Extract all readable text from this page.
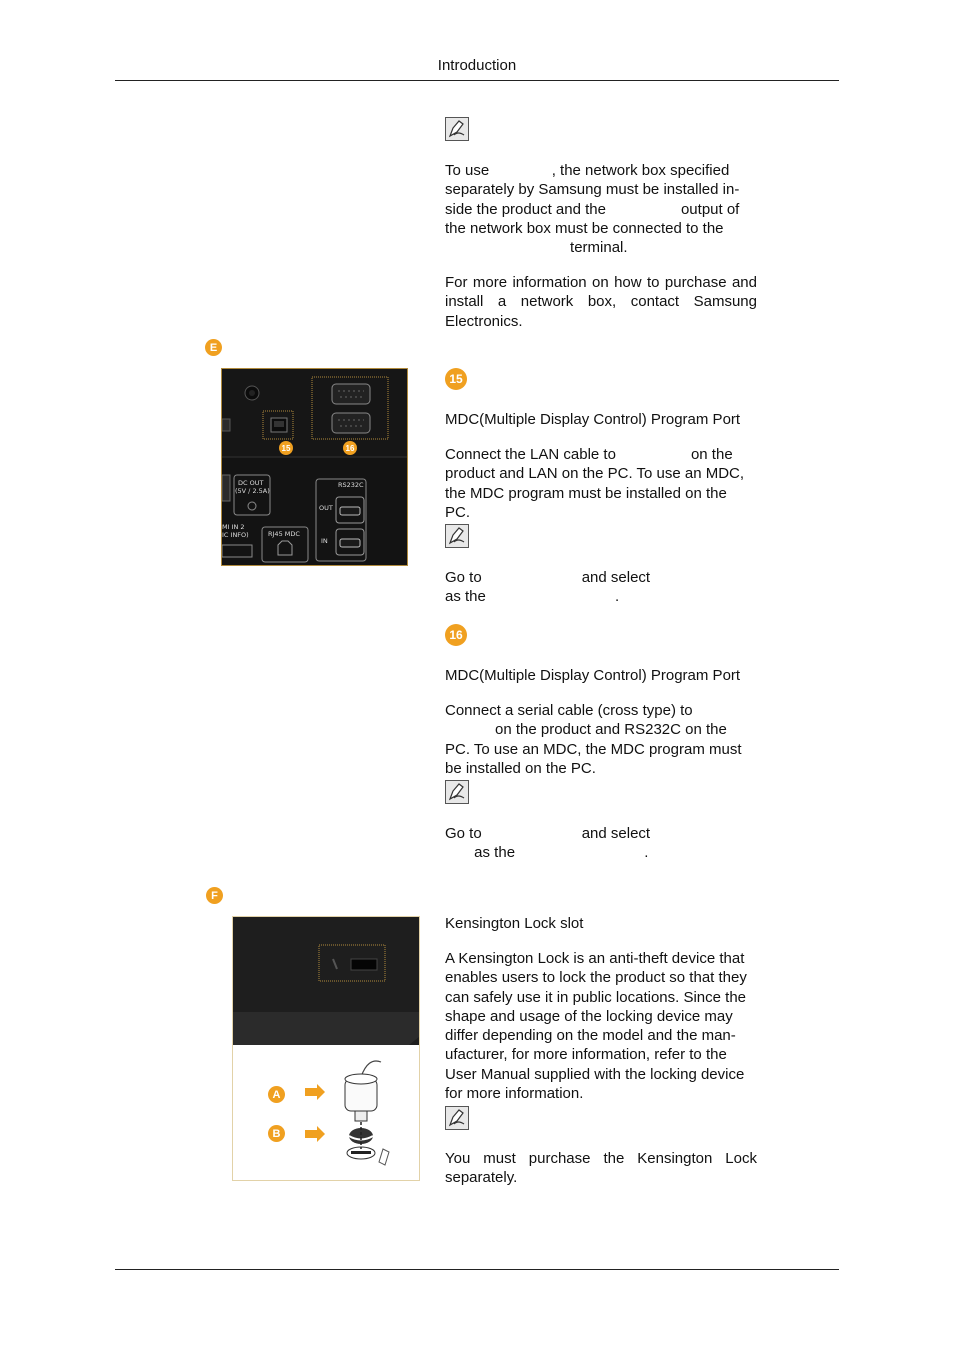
Introduction
To use               , the network box specified
separately by Samsung must be installed in-
side the product and the                  output of
the network box must be connected to the
terminal.
For more information on how to purchase and install a network box, contact Samsung Electronics.
E
15	16
DC OUT
(5V / 2.5A)
MI IN 2
IC INFO)	RJ45 MDC
RS232C
OUT
IN
15
MDC(Multiple Display Control) Program Port
Connect the LAN cable to                  on the
product and LAN on the PC. To use an MDC,
the MDC program must be installed on the
PC.
Go to                        and select
as the                               .
16
MDC(Multiple Display Control) Program Port
Connect a serial cable (cross type) to
on the product and RS232C on the
PC. To use an MDC, the MDC program must
be installed on the PC.
Go to                        and select
as the                               .
F
A
B
Kensington Lock slot
A Kensington Lock is an anti-theft device that
enables users to lock the product so that they
can safely use it in public locations. Since the
shape and usage of the locking device may
differ depending on the model and the man-
ufacturer, for more information, refer to the
User Manual supplied with the locking device
for more information.
You must purchase the Kensington Lock separately.
